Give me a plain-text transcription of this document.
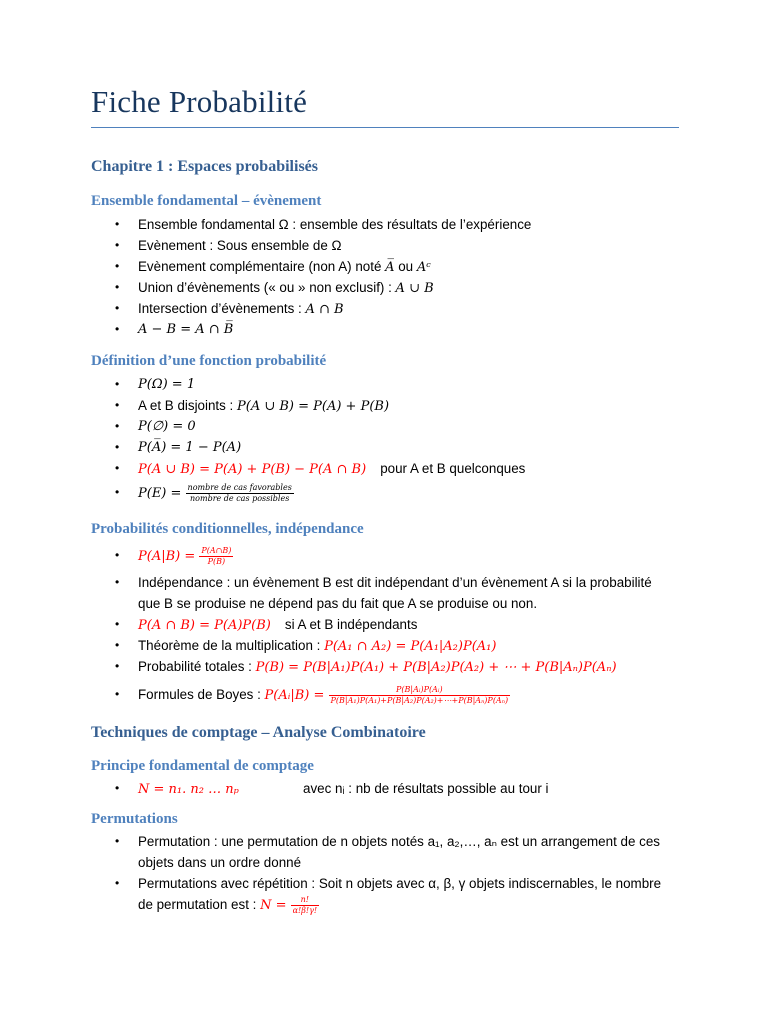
Fiche Probabilité
Chapitre 1 : Espaces probabilisés
Ensemble fondamental – évènement
• Ensemble fondamental Ω : ensemble des résultats de l’expérience
• Evènement : Sous ensemble de Ω
• Evènement complémentaire (non A) noté A̅ ou Aᶜ
• Union d’évènements (« ou » non exclusif) : A ∪ B
• Intersection d’évènements : A ∩ B
• A − B = A ∩ B̅
Définition d’une fonction probabilité
• P(Ω) = 1
• A et B disjoints : P(A ∪ B) = P(A) + P(B)
• P(∅) = 0
• P(A̅) = 1 − P(A)
• P(A ∪ B) = P(A) + P(B) − P(A ∩ B) pour A et B quelconques
• $P(E) = \frac{\text{nombre de cas favorables}}{\text{nombre de cas possibles}}$
Probabilités conditionnelles, indépendance
• $P(A|B) = \frac{P(A\cap B)}{P(B)}$
• Indépendance : un évènement B est dit indépendant d’un évènement A si la probabilité que B se produise ne dépend pas du fait que A se produise ou non.
• P(A ∩ B) = P(A)P(B) si A et B indépendants
• Théorème de la multiplication : P(A₁ ∩ A₂) = P(A₁|A₂)P(A₁)
• Probabilité totales : P(B) = P(B|A₁)P(A₁) + P(B|A₂)P(A₂) + ⋯ + P(B|Aₙ)P(Aₙ)
• Formules de Boyes : P(Aᵢ|B) = $\frac{\text{P(B|Aᵢ)P(Aᵢ)}}{\text{P(B|A₁)P(A₁)+P(B|A₂)P(A₂)+⋯+P(B|Aₙ)P(Aₙ)}}$
Techniques de comptage – Analyse Combinatoire
Principe fondamental de comptage
• N = n₁. n₂ … nₚ	avec nᵢ : nb de résultats possible au tour i
Permutations
• Permutation : une permutation de n objets notés a₁, a₂,…, aₙ est un arrangement de ces objets dans un ordre donné
• Permutations avec répétition : Soit n objets avec α, β, γ objets indiscernables, le nombre de permutation est : $N = \frac{n!}{\alpha!\beta!\gamma!}$
